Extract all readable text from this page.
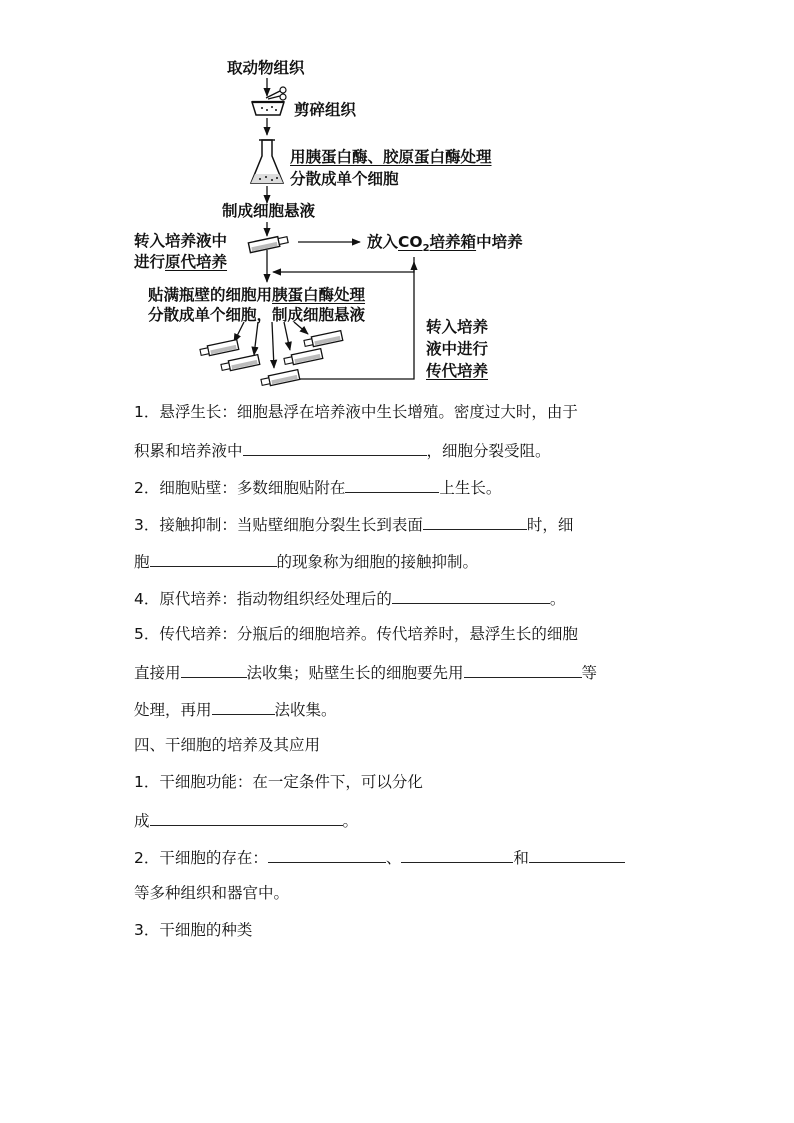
取动物组织
剪碎组织
用胰蛋白酶、胶原蛋白酶处理
分散成单个细胞
制成细胞悬液
转入培养液中
进行原代培养
放入$CO_2$培养箱中培养
贴满瓶壁的细胞用胰蛋白酶处理
分散成单个细胞，制成细胞悬液
转入培养
液中进行
传代培养
1．悬浮生长：细胞悬浮在培养液中生长增殖。密度过大时，由于
积累和培养液中	，细胞分裂受阻。
2．细胞贴壁：多数细胞贴附在	上生长。
3．接触抑制：当贴壁细胞分裂生长到表面	时，细
胞	的现象称为细胞的接触抑制。
4．原代培养：指动物组织经处理后的	。
5．传代培养：分瓶后的细胞培养。传代培养时，悬浮生长的细胞
直接用	法收集；贴壁生长的细胞要先用	等
处理，再用	法收集。
四、干细胞的培养及其应用
1．干细胞功能：在一定条件下，可以分化
成	。
2．干细胞的存在：	、	和
等多种组织和器官中。
3．干细胞的种类
